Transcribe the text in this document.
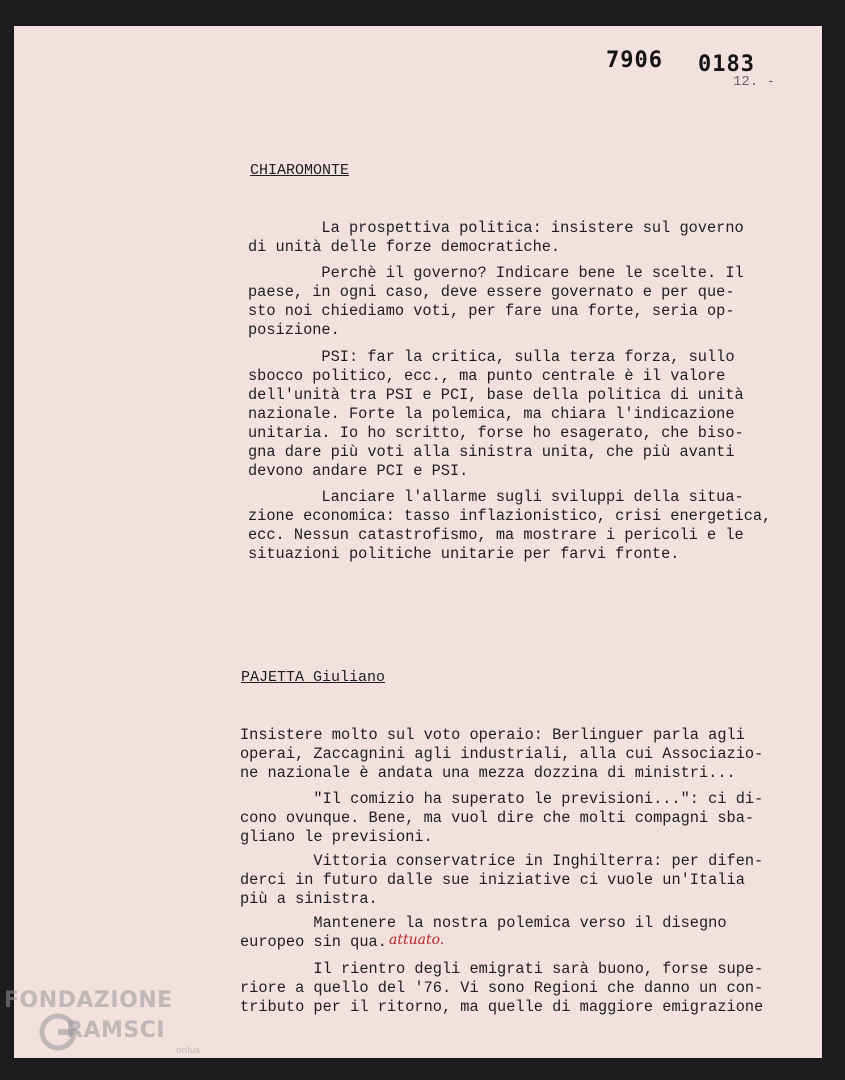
7906 0183

12. -

CHIAROMONTE

La prospettiva politica: insistere sul governo
di unità delle forze democratiche.

Perchè il governo? Indicare bene le scelte. Il
paese, in ogni caso, deve essere governato e per que-
sto noi chiediamo voti, per fare una forte, seria op-
posizione.

PSI: far la critica, sulla terza forza, sullo
sbocco politico, ecc., ma punto centrale è il valore
dell'unità tra PSI e PCI, base della politica di unità
nazionale. Forte la polemica, ma chiara l'indicazione
unitaria. Io ho scritto, forse ho esagerato, che biso-
gna dare più voti alla sinistra unita, che più avanti
devono andare PCI e PSI.

Lanciare l'allarme sugli sviluppi della situa-
zione economica: tasso inflazionistico, crisi energetica,
ecc. Nessun catastrofismo, ma mostrare i pericoli e le
situazioni politiche unitarie per farvi fronte.

PAJETTA Giuliano

Insistere molto sul voto operaio: Berlinguer parla agli
operai, Zaccagnini agli industriali, alla cui Associazio-
ne nazionale è andata una mezza dozzina di ministri...

"Il comizio ha superato le previsioni...": ci di-
cono ovunque. Bene, ma vuol dire che molti compagni sba-
gliano le previsioni.

Vittoria conservatrice in Inghilterra: per difen-
derci in futuro dalle sue iniziative ci vuole un'Italia
più a sinistra.

Mantenere la nostra polemica verso il disegno
europeo sin qua. attuato.

Il rientro degli emigrati sarà buono, forse supe-
riore a quello del '76. Vi sono Regioni che danno un con-
tributo per il ritorno, ma quelle di maggiore emigrazione

FONDAZIONE

RAMSCI

onlus
